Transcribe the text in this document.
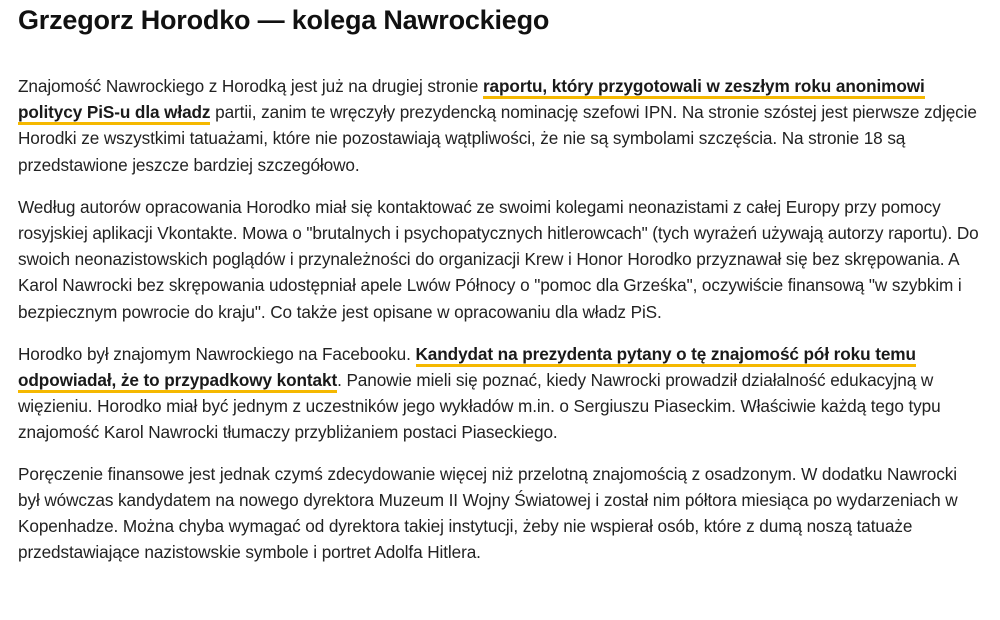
Grzegorz Horodko — kolega Nawrockiego

Znajomość Nawrockiego z Horodką jest już na drugiej stronie raportu, który przygotowali w zeszłym roku anonimowi politycy PiS-u dla władz partii, zanim te wręczyły prezydencką nominację szefowi IPN. Na stronie szóstej jest pierwsze zdjęcie Horodki ze wszystkimi tatuażami, które nie pozostawiają wątpliwości, że nie są symbolami szczęścia. Na stronie 18 są przedstawione jeszcze bardziej szczegółowo.

Według autorów opracowania Horodko miał się kontaktować ze swoimi kolegami neonazistami z całej Europy przy pomocy rosyjskiej aplikacji Vkontakte. Mowa o "brutalnych i psychopatycznych hitlerowcach" (tych wyrażeń używają autorzy raportu). Do swoich neonazistowskich poglądów i przynależności do organizacji Krew i Honor Horodko przyznawał się bez skrępowania. A Karol Nawrocki bez skrępowania udostępniał apele Lwów Północy o "pomoc dla Grześka", oczywiście finansową "w szybkim i bezpiecznym powrocie do kraju". Co także jest opisane w opracowaniu dla władz PiS.

Horodko był znajomym Nawrockiego na Facebooku. Kandydat na prezydenta pytany o tę znajomość pół roku temu odpowiadał, że to przypadkowy kontakt. Panowie mieli się poznać, kiedy Nawrocki prowadził działalność edukacyjną w więzieniu. Horodko miał być jednym z uczestników jego wykładów m.in. o Sergiuszu Piaseckim. Właściwie każdą tego typu znajomość Karol Nawrocki tłumaczy przybliżaniem postaci Piaseckiego.

Poręczenie finansowe jest jednak czymś zdecydowanie więcej niż przelotną znajomością z osadzonym. W dodatku Nawrocki był wówczas kandydatem na nowego dyrektora Muzeum II Wojny Światowej i został nim półtora miesiąca po wydarzeniach w Kopenhadze. Można chyba wymagać od dyrektora takiej instytucji, żeby nie wspierał osób, które z dumą noszą tatuaże przedstawiające nazistowskie symbole i portret Adolfa Hitlera.
